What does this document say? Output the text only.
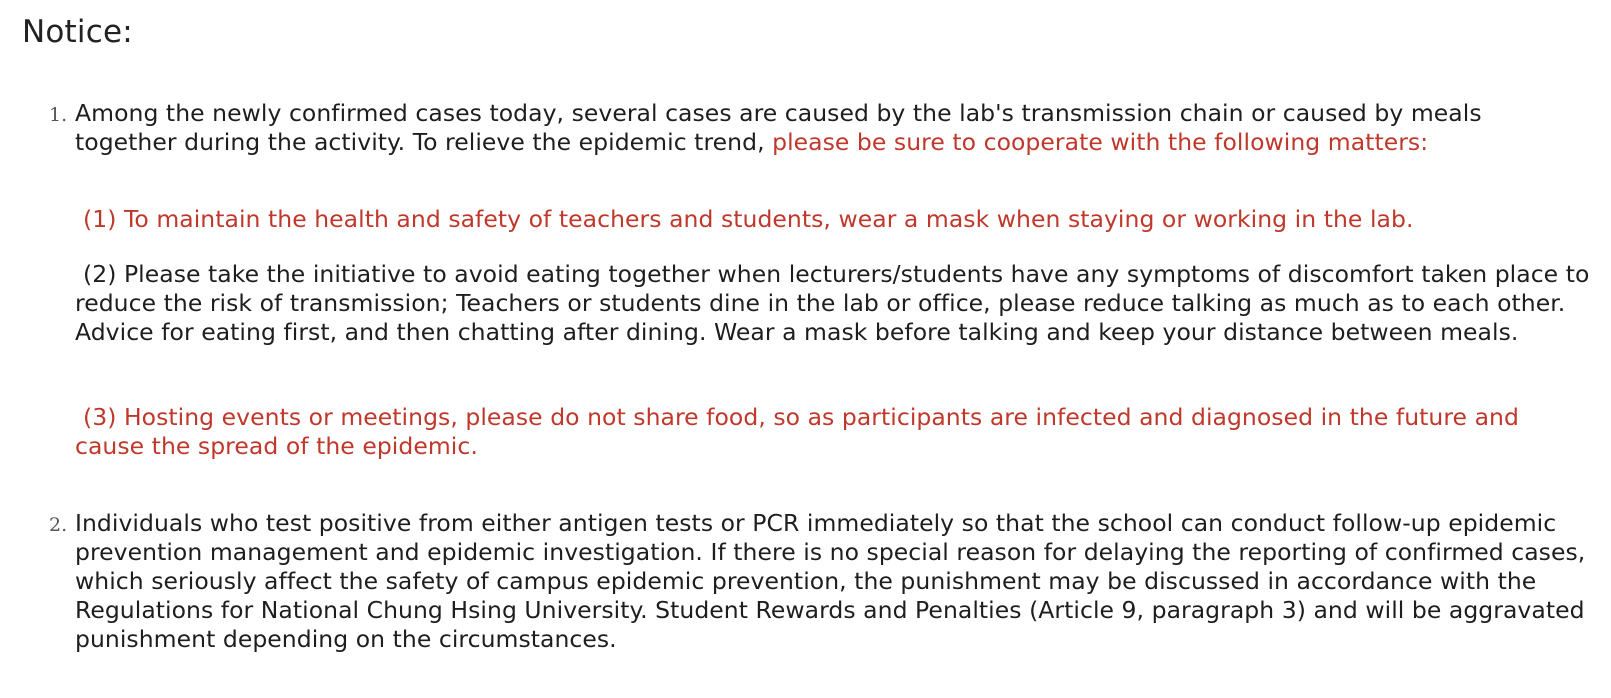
Notice:

1. Among the newly confirmed cases today, several cases are caused by the lab's transmission chain or caused by meals together during the activity. To relieve the epidemic trend, please be sure to cooperate with the following matters:

(1) To maintain the health and safety of teachers and students, wear a mask when staying or working in the lab.

(2) Please take the initiative to avoid eating together when lecturers/students have any symptoms of discomfort taken place to reduce the risk of transmission; Teachers or students dine in the lab or office, please reduce talking as much as to each other. Advice for eating first, and then chatting after dining. Wear a mask before talking and keep your distance between meals.

(3) Hosting events or meetings, please do not share food, so as participants are infected and diagnosed in the future and cause the spread of the epidemic.

2. Individuals who test positive from either antigen tests or PCR immediately so that the school can conduct follow-up epidemic prevention management and epidemic investigation. If there is no special reason for delaying the reporting of confirmed cases, which seriously affect the safety of campus epidemic prevention, the punishment may be discussed in accordance with the Regulations for National Chung Hsing University. Student Rewards and Penalties (Article 9, paragraph 3) and will be aggravated punishment depending on the circumstances.
